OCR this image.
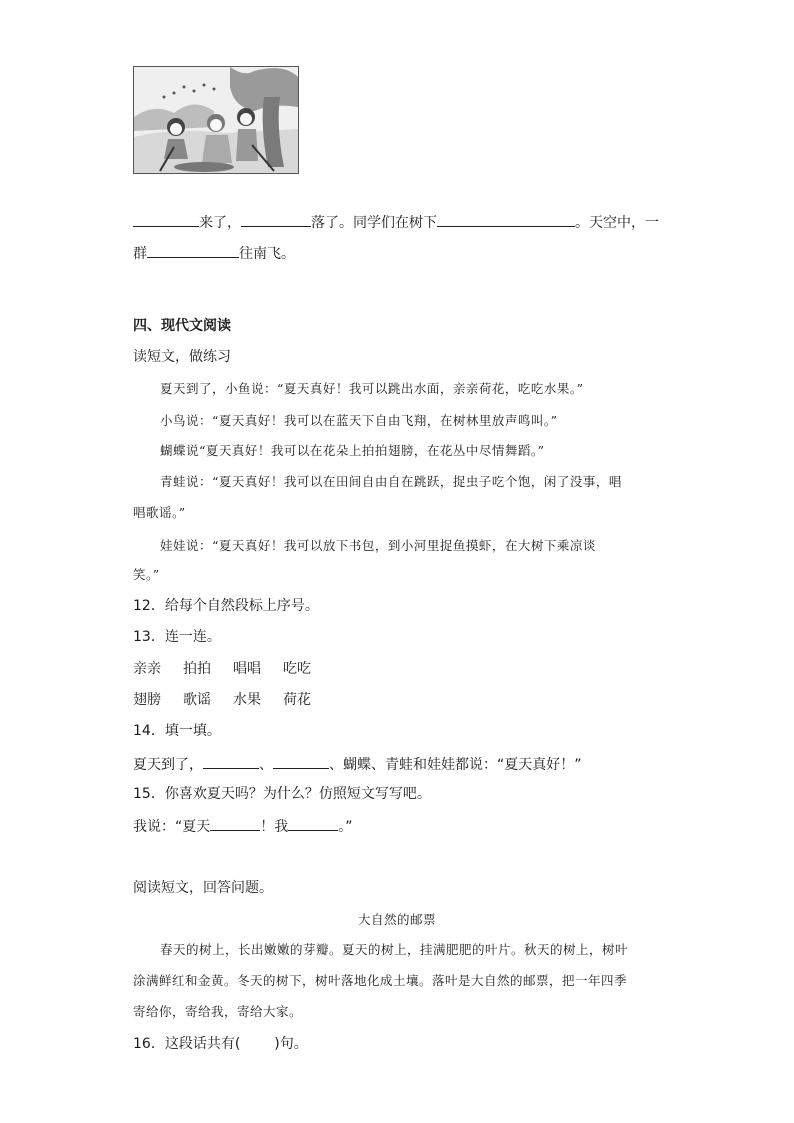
来了，	落了。同学们在树下	。天空中，一
群	往南飞。
四、现代文阅读
读短文，做练习
夏天到了，小鱼说：“夏天真好！我可以跳出水面，亲亲荷花，吃吃水果。”
小鸟说：“夏天真好！我可以在蓝天下自由飞翔，在树林里放声鸣叫。”
蝴蝶说“夏天真好！我可以在花朵上拍拍翅膀，在花丛中尽情舞蹈。”
青蛙说：“夏天真好！我可以在田间自由自在跳跃，捉虫子吃个饱，闲了没事，唱
唱歌谣。”
娃娃说：“夏天真好！我可以放下书包，到小河里捉鱼摸虾，在大树下乘凉谈
笑。”
12．给每个自然段标上序号。
13．连一连。
亲亲 拍拍 唱唱 吃吃
翅膀 歌谣 水果 荷花
14．填一填。
夏天到了，	、	、蝴蝶、青蛙和娃娃都说：“夏天真好！”
15．你喜欢夏天吗？为什么？仿照短文写写吧。
我说：“夏天	！我	。”
阅读短文，回答问题。
大自然的邮票
春天的树上，长出嫩嫩的芽瓣。夏天的树上，挂满肥肥的叶片。秋天的树上，树叶
涂满鲜红和金黄。冬天的树下，树叶落地化成土壤。落叶是大自然的邮票，把一年四季
寄给你，寄给我，寄给大家。
16．这段话共有( )句。
